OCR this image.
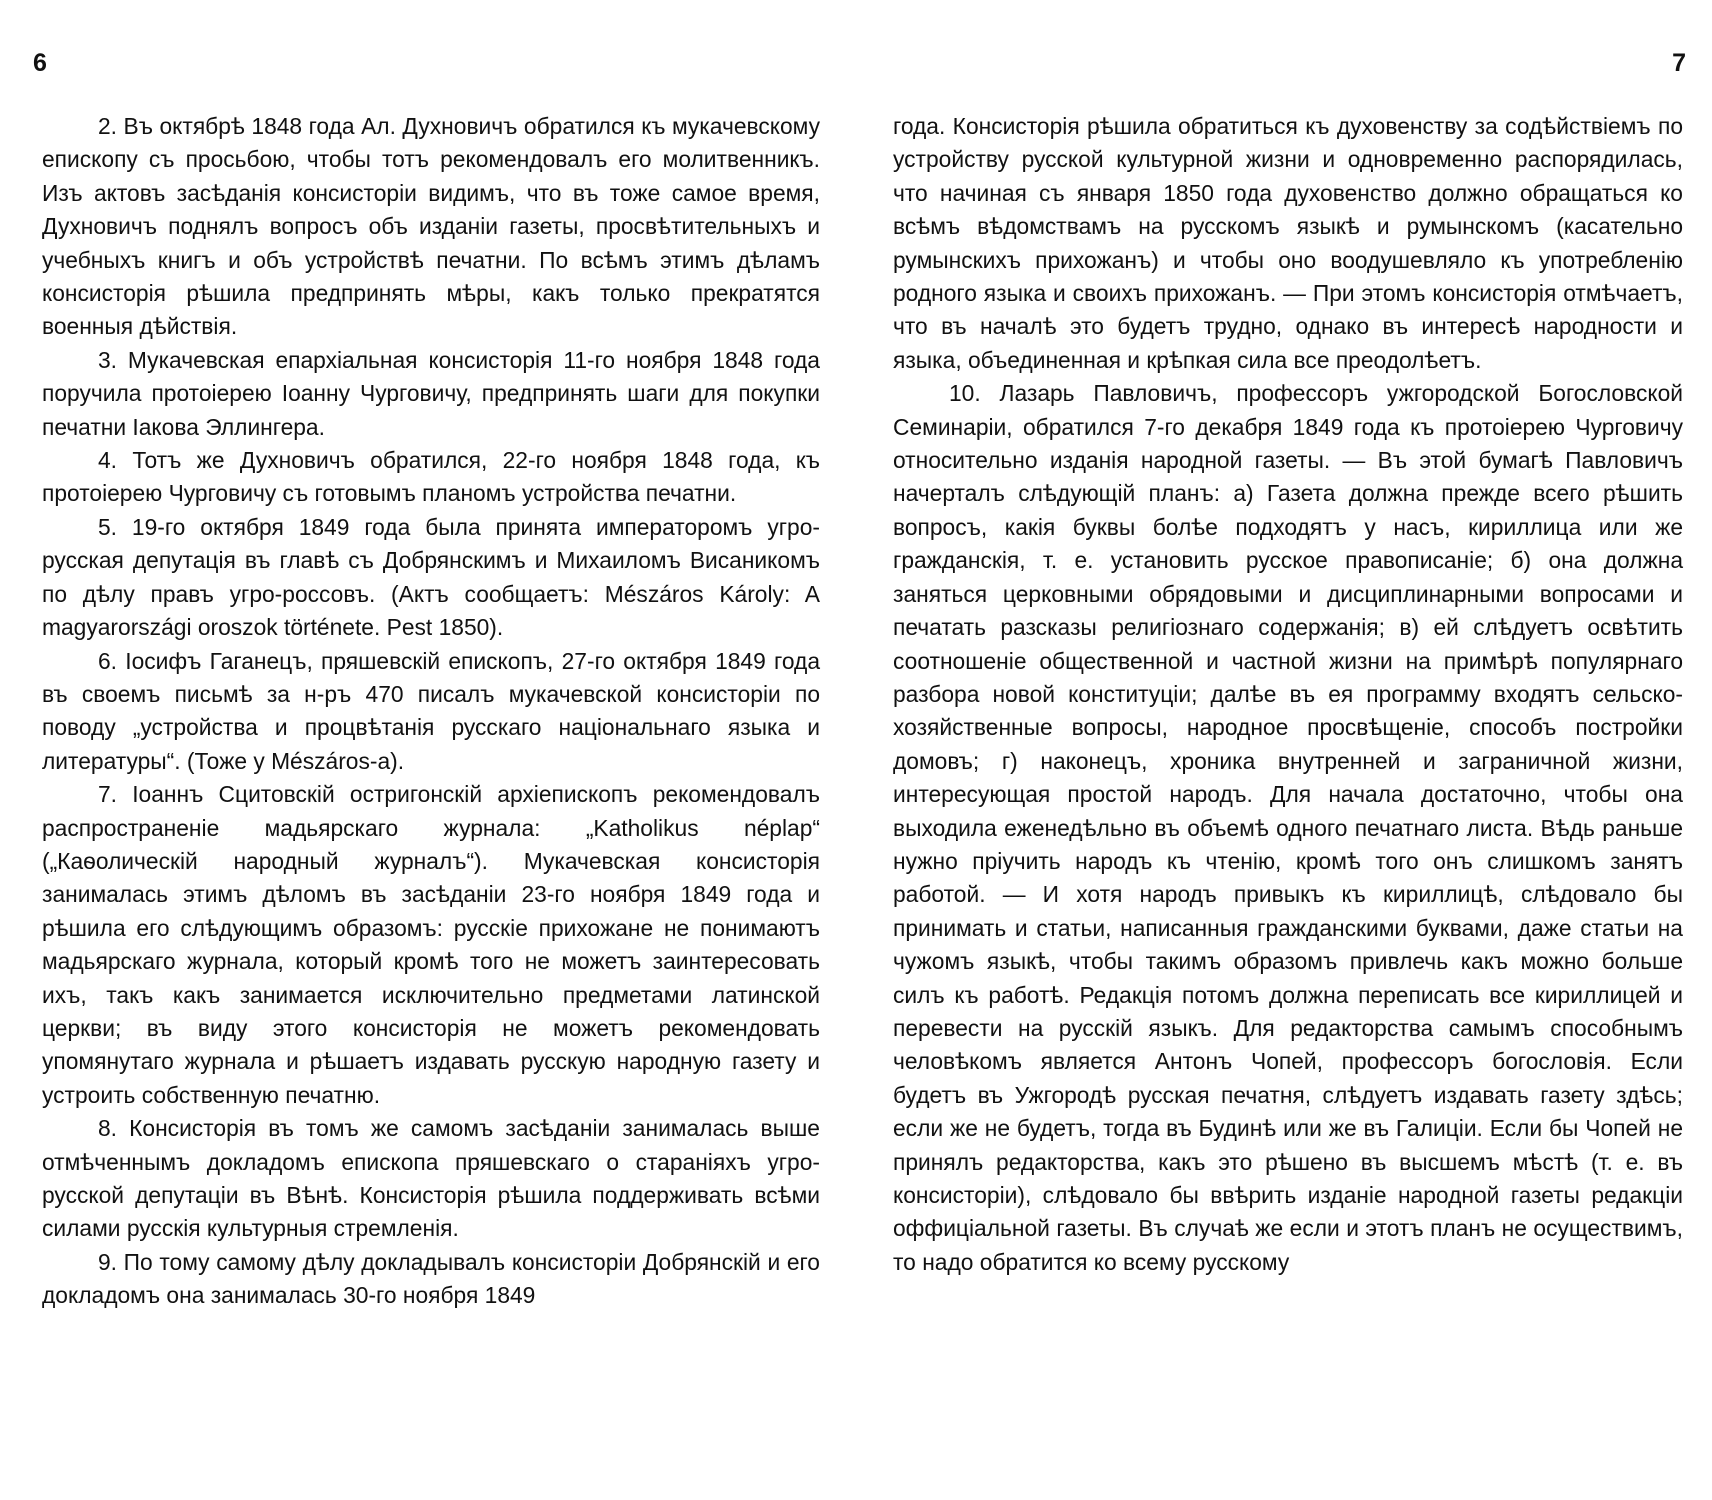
6	7

2. Въ октябрѣ 1848 года Ал. Духновичъ обратился къ мукачевскому епископу съ просьбою, чтобы тотъ рекомендовалъ его молитвенникъ. Изъ актовъ засѣданія консисторіи видимъ, что въ тоже самое время, Духновичъ поднялъ вопросъ объ изданіи газеты, просвѣтительныхъ и учебныхъ книгъ и объ устройствѣ печатни. По всѣмъ этимъ дѣламъ консисторія рѣшила предпринять мѣры, какъ только прекратятся военныя дѣйствія.

3. Мукачевская епархіальная консисторія 11-го ноября 1848 года поручила протоіерею Іоанну Чурговичу, предпринять шаги для покупки печатни Іакова Эллингера.

4. Тотъ же Духновичъ обратился, 22-го ноября 1848 года, къ протоіерею Чурговичу съ готовымъ планомъ устройства печатни.

5. 19-го октября 1849 года была принята императоромъ угро-русская депутація въ главѣ съ Добрянскимъ и Михаиломъ Висаникомъ по дѣлу правъ угро-россовъ. (Актъ сообщаетъ: Mészáros Károly: A magyarországi oroszok története. Pest 1850).

6. Іосифъ Гаганецъ, пряшевскій епископъ, 27-го октября 1849 года въ своемъ письмѣ за н-ръ 470 писалъ мукачевской консисторіи по поводу „устройства и процвѣтанія русскаго національнаго языка и литературы“. (Тоже у Mészáros-а).

7. Іоаннъ Сцитовскій остригонскій архіепископъ рекомендовалъ распространеніе мадьярскаго журнала: „Katholikus néplap“ („Каѳолическій народный журналъ“). Мукачевская консисторія занималась этимъ дѣломъ въ засѣданіи 23-го ноября 1849 года и рѣшила его слѣдующимъ образомъ: русскіе прихожане не понимаютъ мадьярскаго журнала, который кромѣ того не можетъ заинтересовать ихъ, такъ какъ занимается исключительно предметами латинской церкви; въ виду этого консисторія не можетъ рекомендовать упомянутаго журнала и рѣшаетъ издавать русскую народную газету и устроить собственную печатню.

8. Консисторія въ томъ же самомъ засѣданіи занималась выше отмѣченнымъ докладомъ епископа пряшевскаго о стараніяхъ угро-русской депутаціи въ Вѣнѣ. Консисторія рѣшила поддерживать всѣми силами русскія культурныя стремленія.

9. По тому самому дѣлу докладывалъ консисторіи Добрянскій и его докладомъ она занималась 30-го ноября 1849

года. Консисторія рѣшила обратиться къ духовенству за содѣйствіемъ по устройству русской культурной жизни и одновременно распорядилась, что начиная съ января 1850 года духовенство должно обращаться ко всѣмъ вѣдомствамъ на русскомъ языкѣ и румынскомъ (касательно румынскихъ прихожанъ) и чтобы оно воодушевляло къ употребленію родного языка и своихъ прихожанъ. — При этомъ консисторія отмѣчаетъ, что въ началѣ это будетъ трудно, однако въ интересѣ народности и языка, объединенная и крѣпкая сила все преодолѣетъ.

10. Лазарь Павловичъ, профессоръ ужгородской Богословской Семинаріи, обратился 7-го декабря 1849 года къ протоіерею Чурговичу относительно изданія народной газеты. — Въ этой бумагѣ Павловичъ начерталъ слѣдующій планъ: а) Газета должна прежде всего рѣшить вопросъ, какія буквы болѣе подходятъ у насъ, кириллица или же гражданскія, т. е. установить русское правописаніе; б) она должна заняться церковными обрядовыми и дисциплинарными вопросами и печатать разсказы религіознаго содержанія; в) ей слѣдуетъ освѣтить соотношеніе общественной и частной жизни на примѣрѣ популярнаго разбора новой конституціи; далѣе въ ея программу входятъ сельско-хозяйственные вопросы, народное просвѣщеніе, способъ постройки домовъ; г) наконецъ, хроника внутренней и заграничной жизни, интересующая простой народъ. Для начала достаточно, чтобы она выходила еженедѣльно въ объемѣ одного печатнаго листа. Вѣдь раньше нужно пріучить народъ къ чтенію, кромѣ того онъ слишкомъ занятъ работой. — И хотя народъ привыкъ къ кириллицѣ, слѣдовало бы принимать и статьи, написанныя гражданскими буквами, даже статьи на чужомъ языкѣ, чтобы такимъ образомъ привлечь какъ можно больше силъ къ работѣ. Редакція потомъ должна переписать все кириллицей и перевести на русскій языкъ. Для редакторства самымъ способнымъ человѣкомъ является Антонъ Чопей, профессоръ богословія. Если будетъ въ Ужгородѣ русская печатня, слѣдуетъ издавать газету здѣсь; если же не будетъ, тогда въ Будинѣ или же въ Галиціи. Если бы Чопей не принялъ редакторства, какъ это рѣшено въ высшемъ мѣстѣ (т. е. въ консисторіи), слѣдовало бы ввѣрить изданіе народной газеты редакціи оффиціальной газеты. Въ случаѣ же если и этотъ планъ не осуществимъ, то надо обратится ко всему русскому
